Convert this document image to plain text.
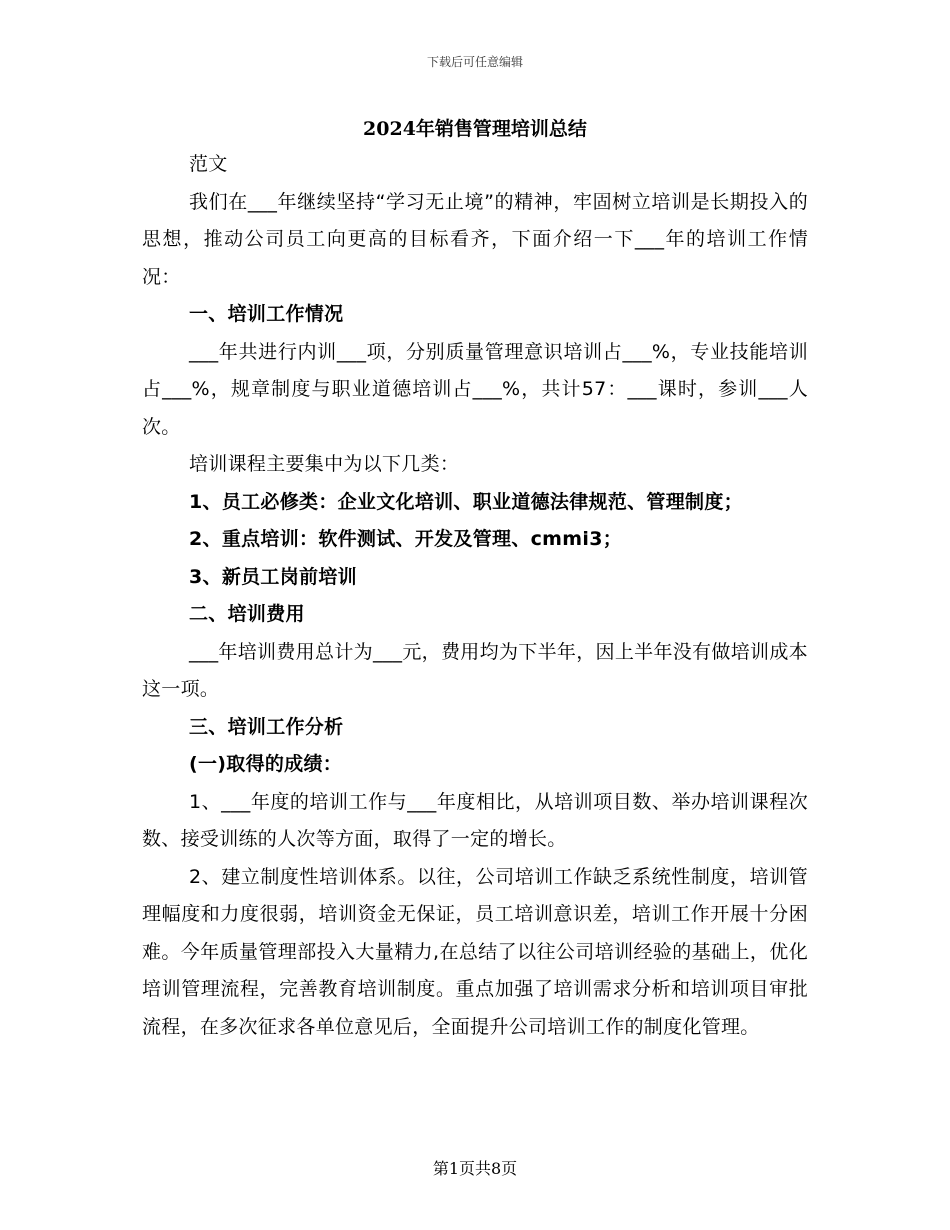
下载后可任意编辑
2024年销售管理培训总结

范文

我们在___年继续坚持“学习无止境”的精神，牢固树立培训是长期投入的思想，推动公司员工向更高的目标看齐，下面介绍一下___年的培训工作情况：

一、培训工作情况

___年共进行内训___项，分别质量管理意识培训占___%，专业技能培训占___%，规章制度与职业道德培训占___%，共计57：___课时，参训___人次。

培训课程主要集中为以下几类：

1、员工必修类：企业文化培训、职业道德法律规范、管理制度；

2、重点培训：软件测试、开发及管理、cmmi3；

3、新员工岗前培训

二、培训费用

___年培训费用总计为___元，费用均为下半年，因上半年没有做培训成本这一项。

三、培训工作分析

(一)取得的成绩：

1、___年度的培训工作与___年度相比，从培训项目数、举办培训课程次数、接受训练的人次等方面，取得了一定的增长。

2、建立制度性培训体系。以往，公司培训工作缺乏系统性制度，培训管理幅度和力度很弱，培训资金无保证，员工培训意识差，培训工作开展十分困难。今年质量管理部投入大量精力,在总结了以往公司培训经验的基础上，优化培训管理流程，完善教育培训制度。重点加强了培训需求分析和培训项目审批流程，在多次征求各单位意见后，全面提升公司培训工作的制度化管理。

第1页共8页
